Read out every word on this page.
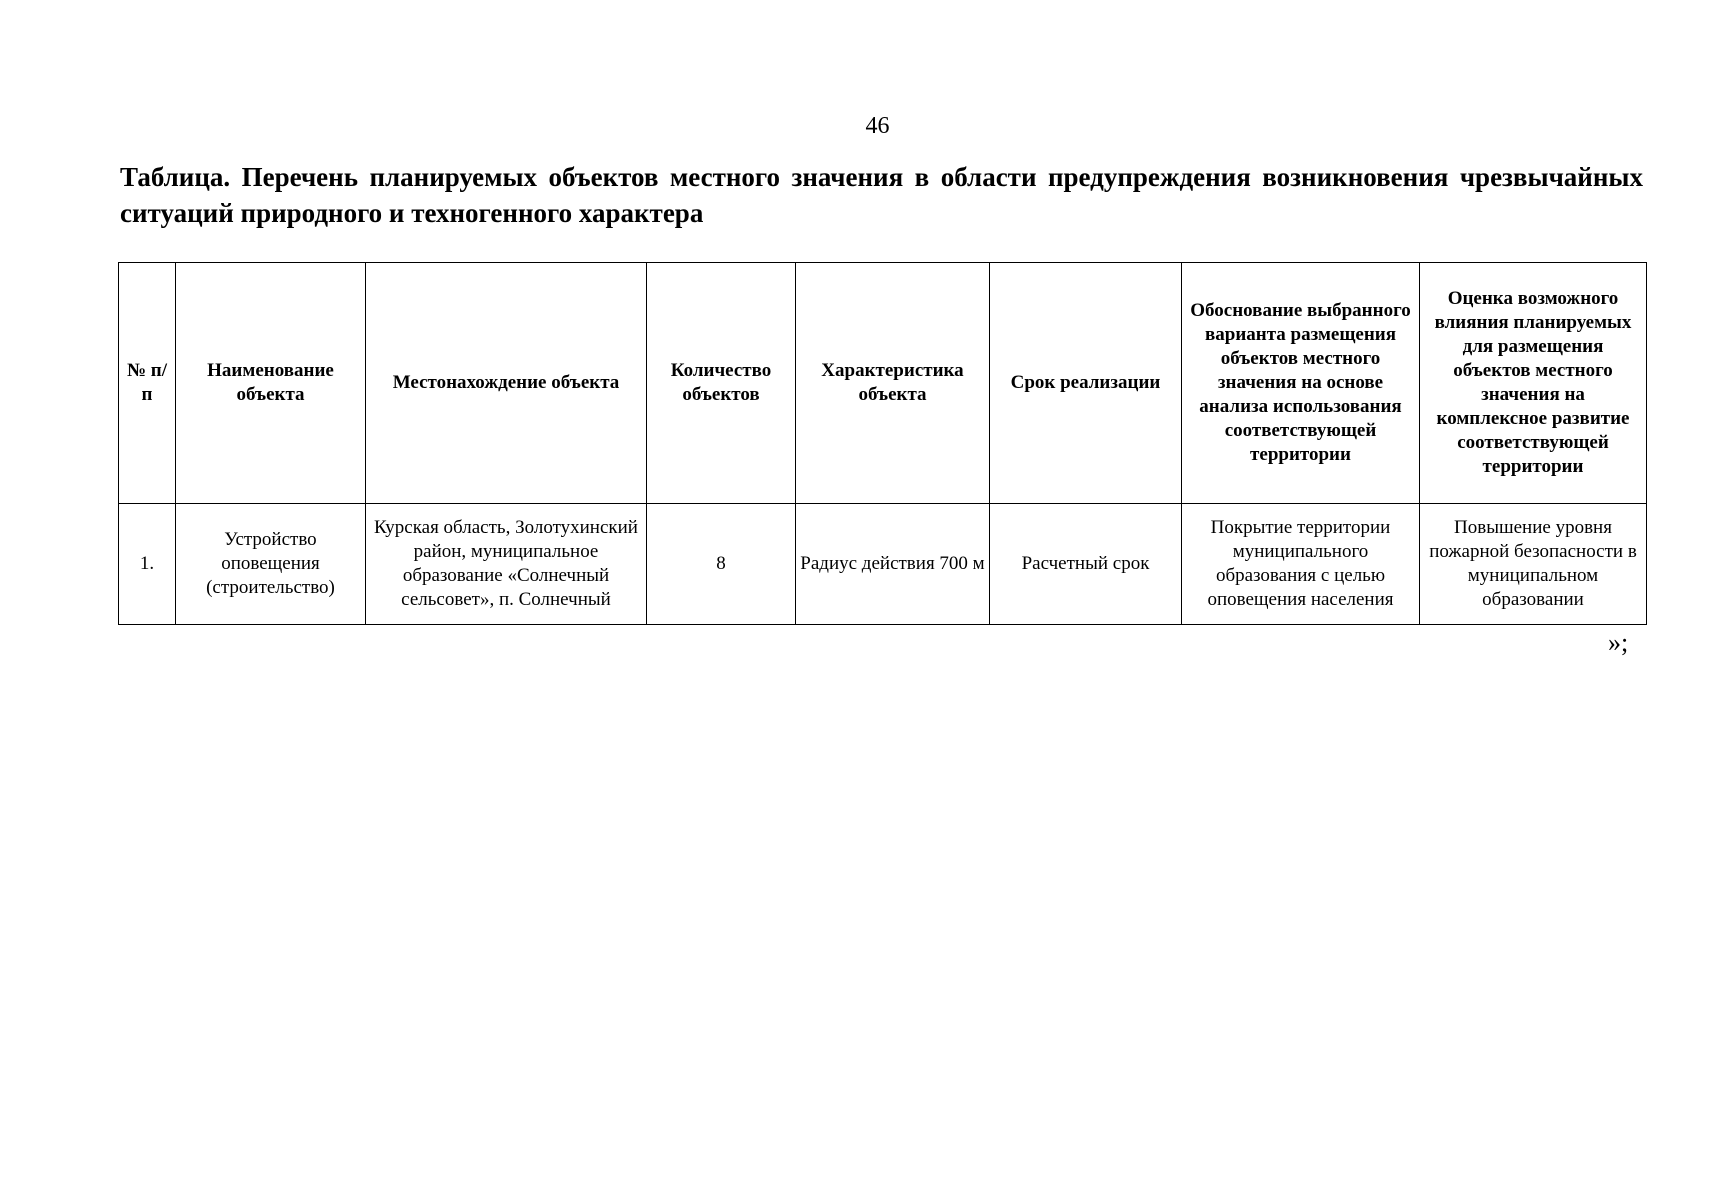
46
Таблица. Перечень планируемых объектов местного значения в области предупреждения возникновения чрезвычайных ситуаций природного и техногенного характера
№ п/п	Наименование объекта	Местонахождение объекта	Количество объектов	Характеристика объекта	Срок реализации	Обоснование выбранного варианта размещения объектов местного значения на основе анализа использования соответствующей территории	Оценка возможного влияния планируемых для размещения объектов местного значения на комплексное развитие соответствующей территории
1.	Устройство оповещения (строительство)	Курская область, Золотухинский район, муниципальное образование «Солнечный сельсовет», п. Солнечный	8	Радиус действия 700 м	Расчетный срок	Покрытие территории муниципального образования с целью оповещения населения	Повышение уровня пожарной безопасности в муниципальном образовании
»;
